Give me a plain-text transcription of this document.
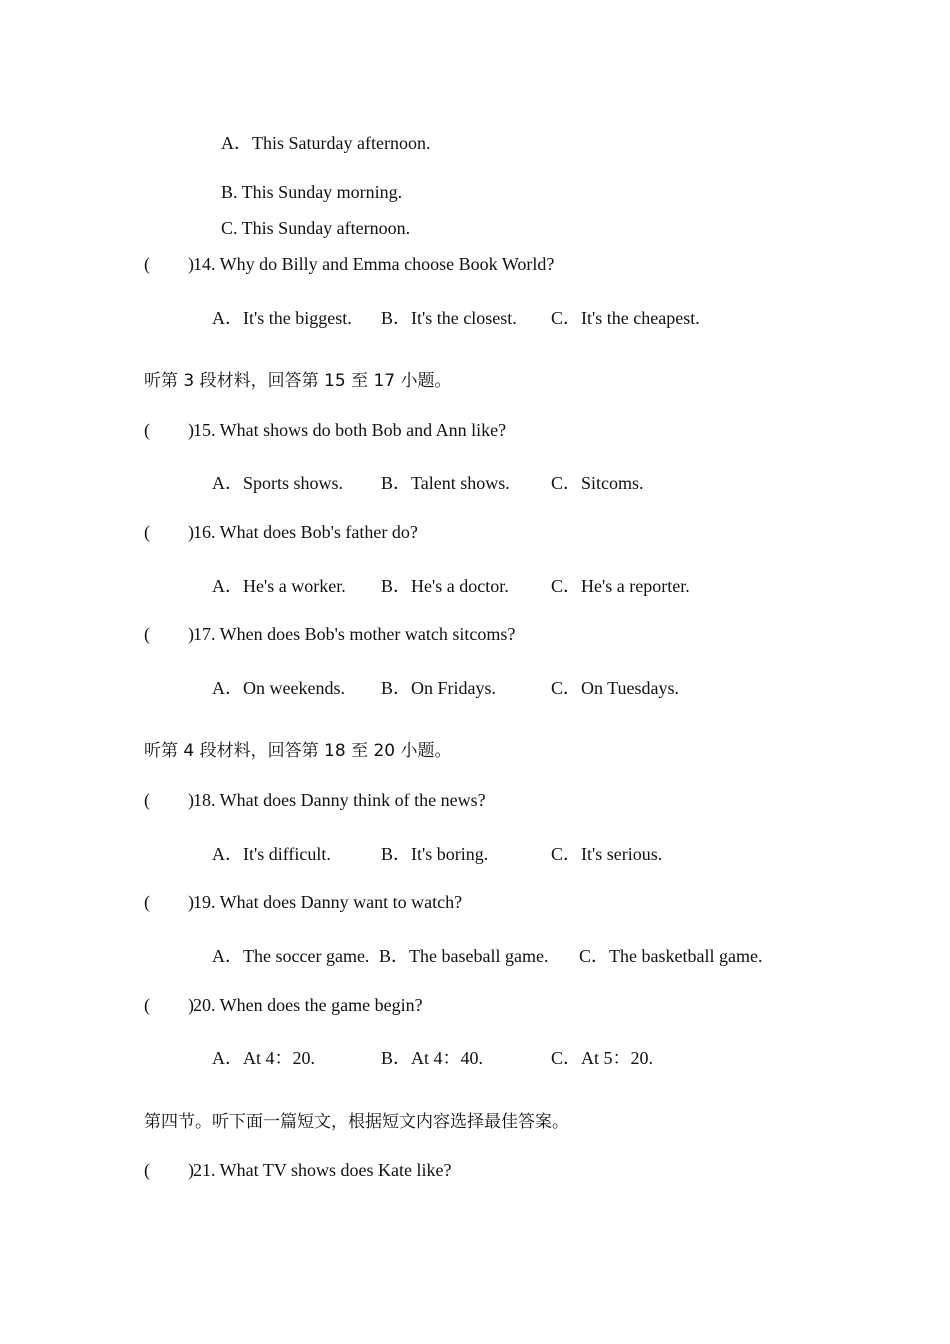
A．This Saturday afternoon.
B. This Sunday morning.
C. This Sunday afternoon.
( ) 14. Why do Billy and Emma choose Book World?
A．It's the biggest. B．It's the closest. C．It's the cheapest.
听第 3 段材料，回答第 15 至 17 小题。
( ) 15. What shows do both Bob and Ann like?
A．Sports shows. B．Talent shows. C．Sitcoms.
( ) 16. What does Bob's father do?
A．He's a worker. B．He's a doctor. C．He's a reporter.
( ) 17. When does Bob's mother watch sitcoms?
A．On weekends. B．On Fridays.	C．On Tuesdays.
听第 4 段材料，回答第 18 至 20 小题。
( ) 18. What does Danny think of the news?
A．It's difficult.	B．It's boring.	C．It's serious.
( ) 19. What does Danny want to watch?
A．The soccer game. B．The baseball game. C．The basketball game.
( ) 20. When does the game begin?
A．At 4：20.	B．At 4：40.	C．At 5：20.
第四节。听下面一篇短文，根据短文内容选择最佳答案。
( ) 21. What TV shows does Kate like?
